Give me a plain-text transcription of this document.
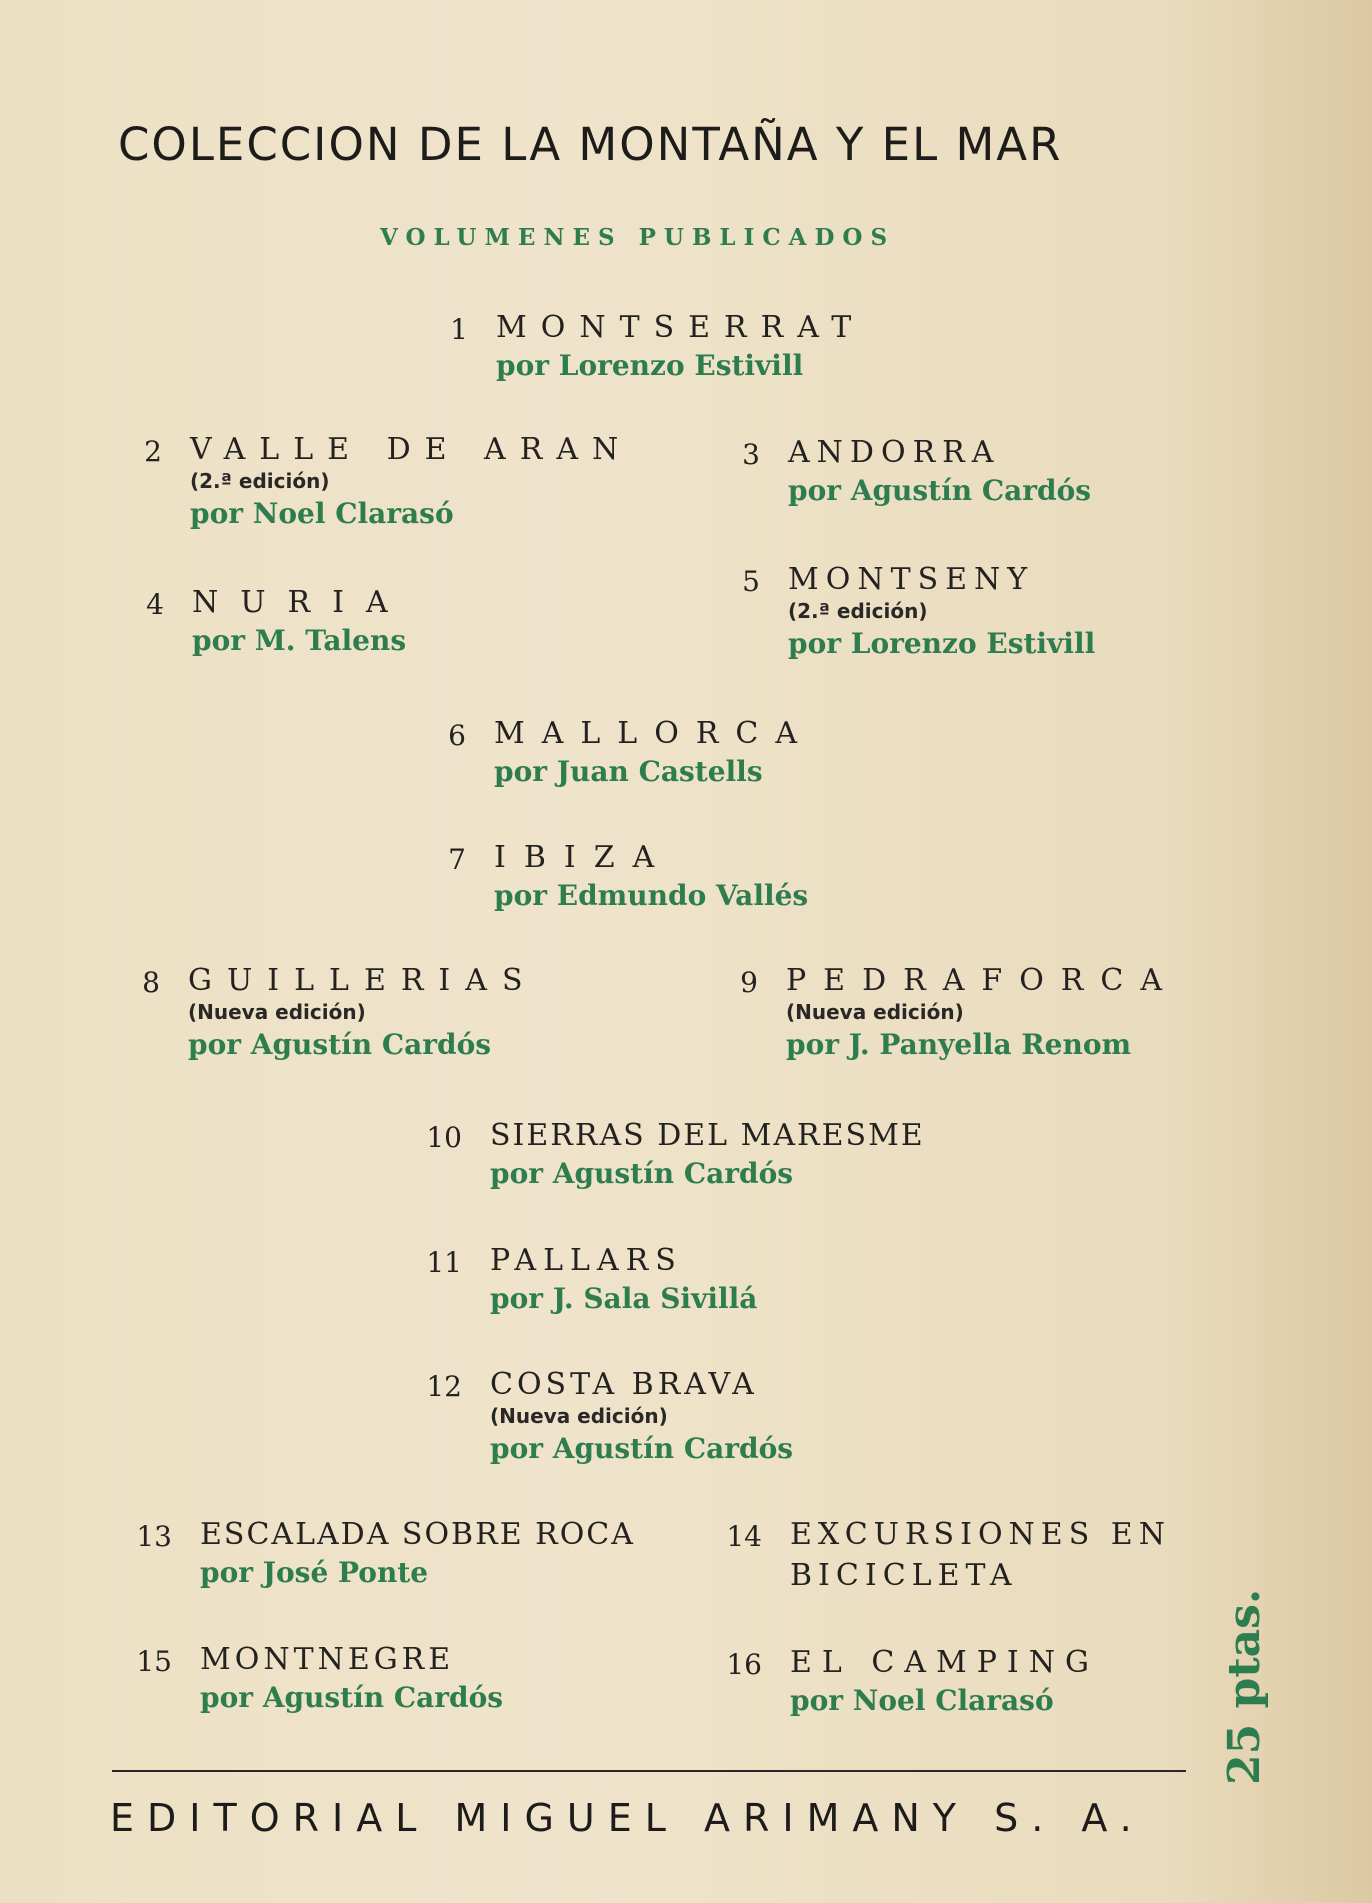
COLECCION DE LA MONTAÑA Y EL MAR
VOLUMENES PUBLICADOS
1 MONTSERRAT
por Lorenzo Estivill
2 VALLE DE ARAN
(2.ª edición)
por Noel Clarasó
3 ANDORRA
por Agustín Cardós
4 NURIA
por M. Talens
5 MONTSENY
(2.ª edición)
por Lorenzo Estivill
6 MALLORCA
por Juan Castells
7 IBIZA
por Edmundo Vallés
8 GUILLERIAS
(Nueva edición)
por Agustín Cardós
9 PEDRAFORCA
(Nueva edición)
por J. Panyella Renom
10 SIERRAS DEL MARESME
por Agustín Cardós
11 PALLARS
por J. Sala Sivillá
12 COSTA BRAVA
(Nueva edición)
por Agustín Cardós
13 ESCALADA SOBRE ROCA
por José Ponte
14 EXCURSIONES EN
BICICLETA
15 MONTNEGRE
por Agustín Cardós
16 EL CAMPING
por Noel Clarasó
EDITORIAL MIGUEL ARIMANY S. A.
25 ptas.
